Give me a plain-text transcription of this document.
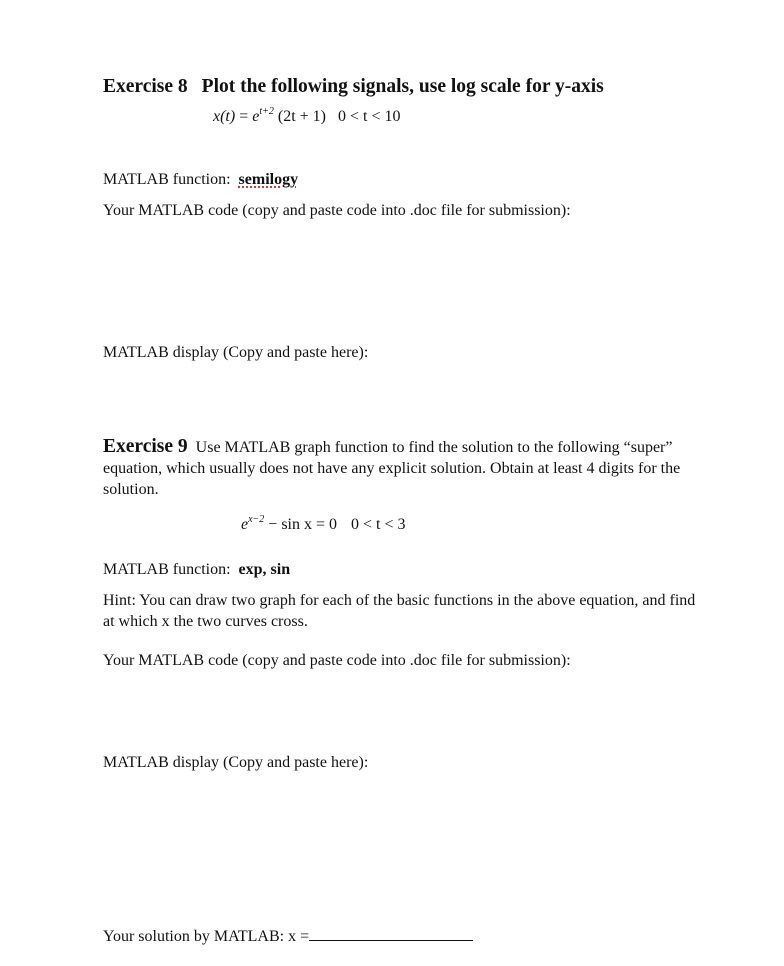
Exercise 8 Plot the following signals, use log scale for y-axis
$x(t) = e^{t+2}$ (2t + 1) 0 < t < 10
MATLAB function: semilogy
Your MATLAB code (copy and paste code into .doc file for submission):
MATLAB display (Copy and paste here):
Exercise 9 Use MATLAB graph function to find the solution to the following “super” equation, which usually does not have any explicit solution. Obtain at least 4 digits for the solution.
$e^{x-2} - \sin x = 0$ 0 < t < 3
MATLAB function: exp, sin
Hint: You can draw two graph for each of the basic functions in the above equation, and find at which x the two curves cross.
Your MATLAB code (copy and paste code into .doc file for submission):
MATLAB display (Copy and paste here):
Your solution by MATLAB: x =
